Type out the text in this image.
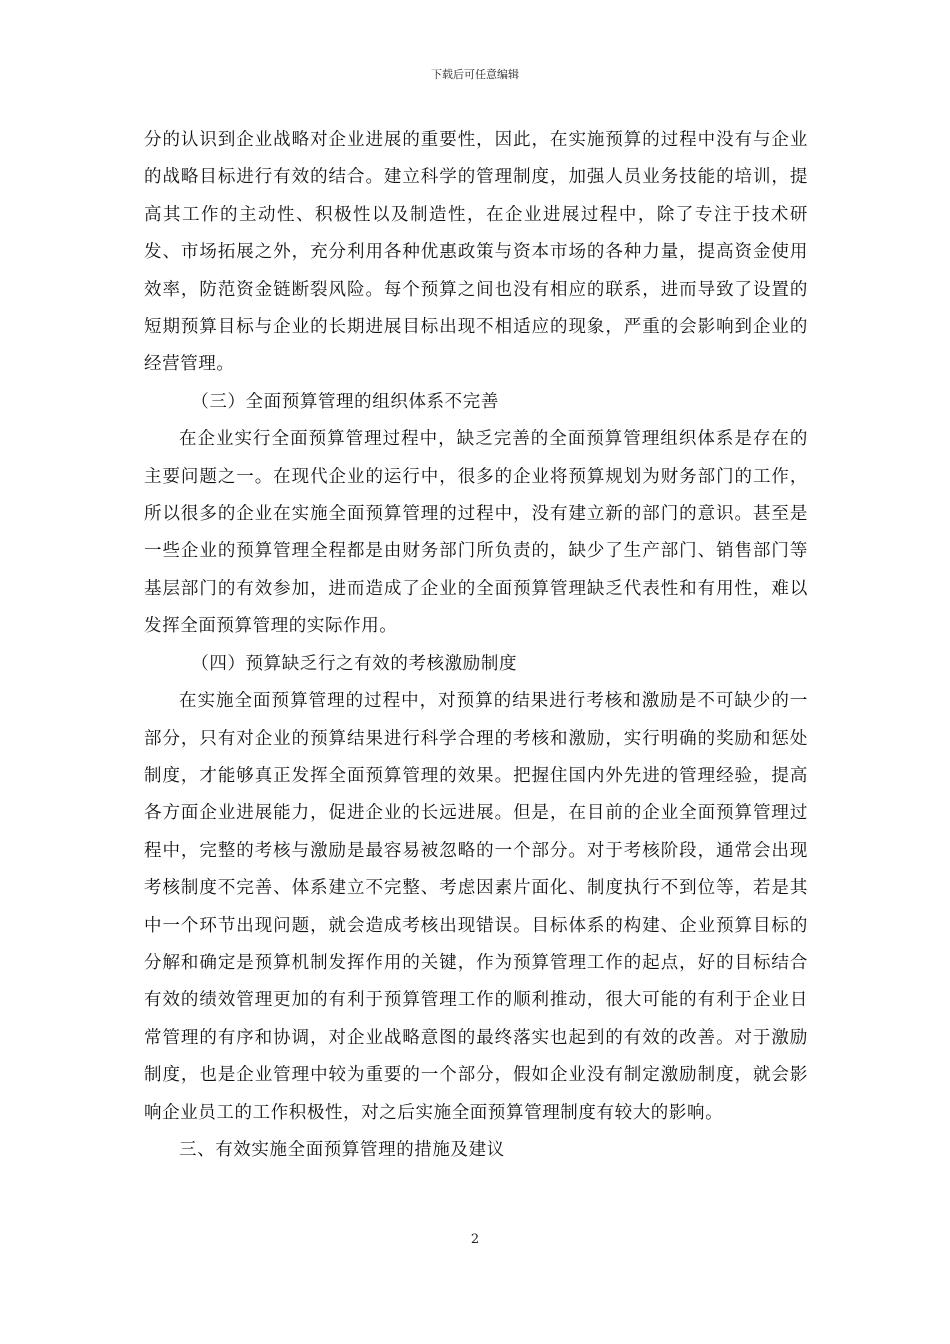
下载后可任意编辑

分的认识到企业战略对企业进展的重要性，因此，在实施预算的过程中没有与企业的战略目标进行有效的结合。建立科学的管理制度，加强人员业务技能的培训，提高其工作的主动性、积极性以及制造性，在企业进展过程中，除了专注于技术研发、市场拓展之外，充分利用各种优惠政策与资本市场的各种力量，提高资金使用效率，防范资金链断裂风险。每个预算之间也没有相应的联系，进而导致了设置的短期预算目标与企业的长期进展目标出现不相适应的现象，严重的会影响到企业的经营管理。

（三）全面预算管理的组织体系不完善

在企业实行全面预算管理过程中，缺乏完善的全面预算管理组织体系是存在的主要问题之一。在现代企业的运行中，很多的企业将预算规划为财务部门的工作，所以很多的企业在实施全面预算管理的过程中，没有建立新的部门的意识。甚至是一些企业的预算管理全程都是由财务部门所负责的，缺少了生产部门、销售部门等基层部门的有效参加，进而造成了企业的全面预算管理缺乏代表性和有用性，难以发挥全面预算管理的实际作用。

（四）预算缺乏行之有效的考核激励制度

在实施全面预算管理的过程中，对预算的结果进行考核和激励是不可缺少的一部分，只有对企业的预算结果进行科学合理的考核和激励，实行明确的奖励和惩处制度，才能够真正发挥全面预算管理的效果。把握住国内外先进的管理经验，提高各方面企业进展能力，促进企业的长远进展。但是，在目前的企业全面预算管理过程中，完整的考核与激励是最容易被忽略的一个部分。对于考核阶段，通常会出现考核制度不完善、体系建立不完整、考虑因素片面化、制度执行不到位等，若是其中一个环节出现问题，就会造成考核出现错误。目标体系的构建、企业预算目标的分解和确定是预算机制发挥作用的关键，作为预算管理工作的起点，好的目标结合有效的绩效管理更加的有利于预算管理工作的顺利推动，很大可能的有利于企业日常管理的有序和协调，对企业战略意图的最终落实也起到的有效的改善。对于激励制度，也是企业管理中较为重要的一个部分，假如企业没有制定激励制度，就会影响企业员工的工作积极性，对之后实施全面预算管理制度有较大的影响。

三、有效实施全面预算管理的措施及建议

2
